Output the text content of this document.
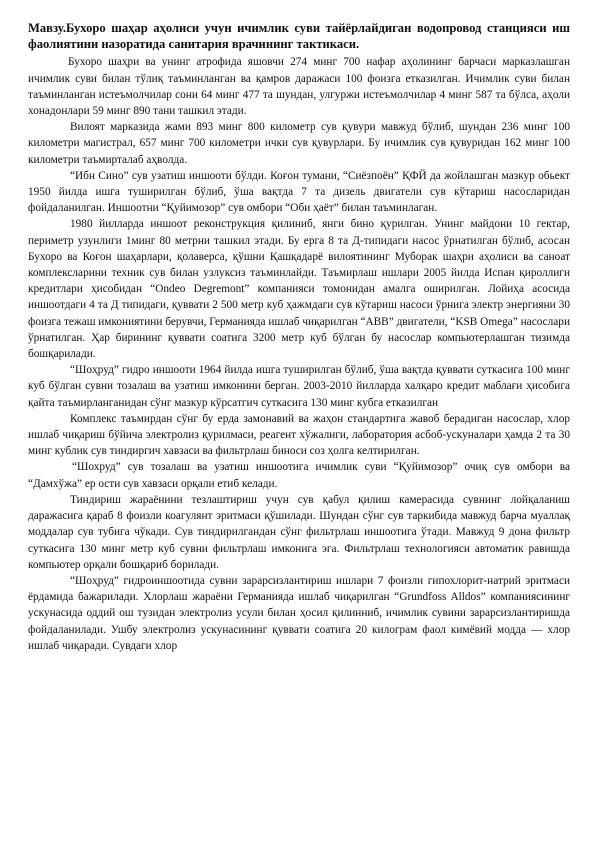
Мавзу.Бухоро шаҳар аҳолиси учун ичимлик суви тайёрлайдиган водопровод станцияси иш фаолиятини назоратида санитария врачининг тактикаси.

Бухоро шаҳри ва унинг атрофида яшовчи 274 минг 700 нафар аҳолининг барчаси марказлашган ичимлик суви билан тўлиқ таъминланган ва қамров даражаси 100 фоизга етказилган. Ичимлик суви билан таъминланган истеъмолчилар сони 64 минг 477 та шундан, улгуржи истеъмолчилар 4 минг 587 та бўлса, аҳоли хонадонлари 59 минг 890 тани ташкил этади.

Вилоят марказида жами 893 минг 800 километр сув қувури мавжуд бўлиб, шундан 236 минг 100 километри магистрал, 657 минг 700 километри ички сув қувурлари. Бу ичимлик сув қувуридан 162 минг 100 километри таъмирталаб аҳволда.

“Ибн Сино” сув узатиш иншооти бўлди. Коғон тумани, “Сиёзпоён” ҚФЙ да жойлашган мазкур обьект 1950 йилда ишга туширилган бўлиб, ўша вақтда 7 та дизель двигатели сув кўтариш насосларидан фойдаланилган. Иншоотни “Қуйимозор” сув омбори “Оби ҳаёт” билан таъминлаган.

1980 йилларда иншоот реконструкция қилиниб, янги бино қурилган. Унинг майдони 10 гектар, периметр узунлиги 1минг 80 метрни ташкил этади. Бу ерга 8 та Д-типидаги насос ўрнатилган бўлиб, асосан Бухоро ва Коғон шаҳарлари, қолаверса, қўшни Қашқадарё вилоятининг Муборак шаҳри аҳолиси ва саноат комплексларини техник сув билан узлуксиз таъминлайди. Таъмирлаш ишлари 2005 йилда Испан қироллиги кредитлари ҳисобидан “Ondeo Degremont” компанияси томонидан амалга оширилган. Лойиҳа асосида иншоотдаги 4 та Д типидаги, қуввати 2 500 метр куб ҳажмдаги сув кўтариш насоси ўрнига электр энергияни 30 фоизга тежаш имкониятини берувчи, Германияда ишлаб чиқарилган “АВВ” двигатели, “KSB Omega” насослари ўрнатилган. Ҳар бирининг қуввати соатига 3200 метр куб бўлган бу насослар компьютерлашган тизимда бошқарилади.

“Шоҳруд” гидро иншооти 1964 йилда ишга туширилган бўлиб, ўша вақтда қуввати суткасига 100 минг куб бўлган сувни тозалаш ва узатиш имконини берган. 2003-2010 йилларда халқаро кредит маблағи ҳисобига қайта таъмирланганидан сўнг мазкур кўрсатгич суткасига 130 минг кубга етказилган

Комплекс таъмирдан сўнг бу ерда замонавий ва жаҳон стандартига жавоб берадиган насослар, хлор ишлаб чиқариш бўйича электролиз қурилмаси, реагент хўжалиги, лаборатория асбоб-ускуналари ҳамда 2 та 30 минг кублик сув тиндиргич хавзаси ва фильтрлаш биноси соз ҳолга келтирилган.

“Шохруд” сув тозалаш ва узатиш иншоотига ичимлик суви “Қуйимозор” очиқ сув омбори ва “Дамхўжа” ер ости сув хавзаси орқали етиб келади.

Тиндириш жараёнини тезлаштириш учун сув қабул қилиш камерасида сувнинг лойқаланиш даражасига қараб 8 фоизли коагулянт эритмаси қўшилади. Шундан сўнг сув таркибида мавжуд барча муаллақ моддалар сув тубига чўкади. Сув тиндирилгандан сўнг фильтрлаш иншоотига ўтади. Мавжуд 9 дона фильтр суткасига 130 минг метр куб сувни фильтрлаш имконига эга. Фильтрлаш технологияси автоматик равишда компьютер орқали бошқариб борилади.

“Шоҳруд” гидроиншоотида сувни зарарсизлантириш ишлари 7 фоизли гипохлорит-натрий эритмаси ёрдамида бажарилади. Хлорлаш жараёни Германияда ишлаб чиқарилган “Grundfoss Alldos” компаниясининг ускунасида оддий ош тузидан электролиз усули билан ҳосил қилинниб, ичимлик сувини зарарсизлантиришда фойдаланилади. Ушбу электролиз ускунасининг қуввати соатига 20 килограм фаол кимёвий модда — хлор ишлаб чиқаради. Сувдаги хлор
